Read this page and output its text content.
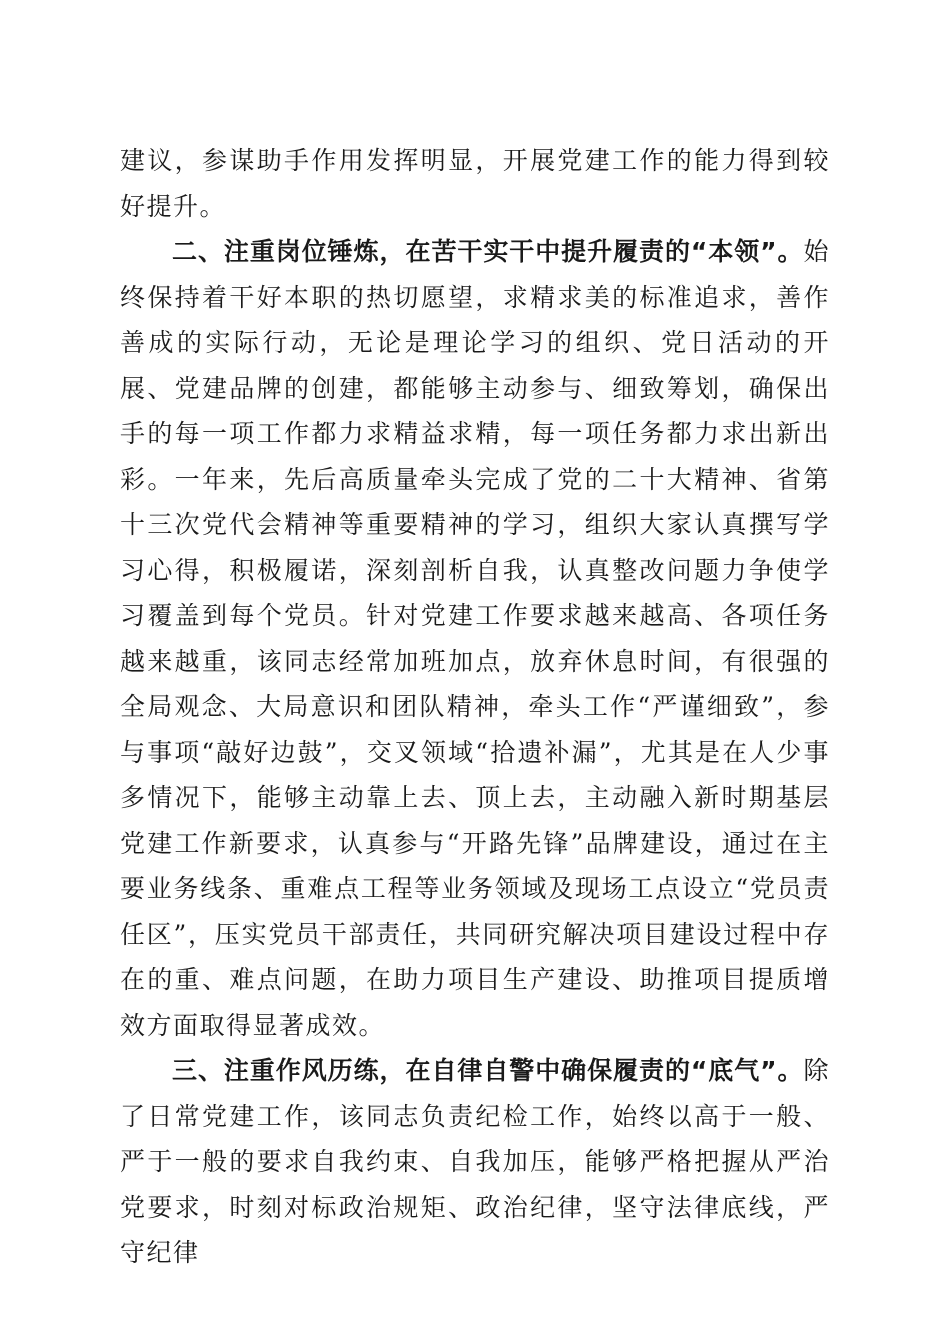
建议，参谋助手作用发挥明显，开展党建工作的能力得到较好提升。

二、注重岗位锤炼，在苦干实干中提升履责的“本领”。始终保持着干好本职的热切愿望，求精求美的标准追求，善作善成的实际行动，无论是理论学习的组织、党日活动的开展、党建品牌的创建，都能够主动参与、细致筹划，确保出手的每一项工作都力求精益求精，每一项任务都力求出新出彩。一年来，先后高质量牵头完成了党的二十大精神、省第十三次党代会精神等重要精神的学习，组织大家认真撰写学习心得，积极履诺，深刻剖析自我，认真整改问题力争使学习覆盖到每个党员。针对党建工作要求越来越高、各项任务越来越重，该同志经常加班加点，放弃休息时间，有很强的全局观念、大局意识和团队精神，牵头工作“严谨细致”，参与事项“敲好边鼓”，交叉领域“拾遗补漏”，尤其是在人少事多情况下，能够主动靠上去、顶上去，主动融入新时期基层党建工作新要求，认真参与“开路先锋”品牌建设，通过在主要业务线条、重难点工程等业务领域及现场工点设立“党员责任区”，压实党员干部责任，共同研究解决项目建设过程中存在的重、难点问题，在助力项目生产建设、助推项目提质增效方面取得显著成效。

三、注重作风历练，在自律自警中确保履责的“底气”。除了日常党建工作，该同志负责纪检工作，始终以高于一般、严于一般的要求自我约束、自我加压，能够严格把握从严治党要求，时刻对标政治规矩、政治纪律，坚守法律底线，严守纪律
